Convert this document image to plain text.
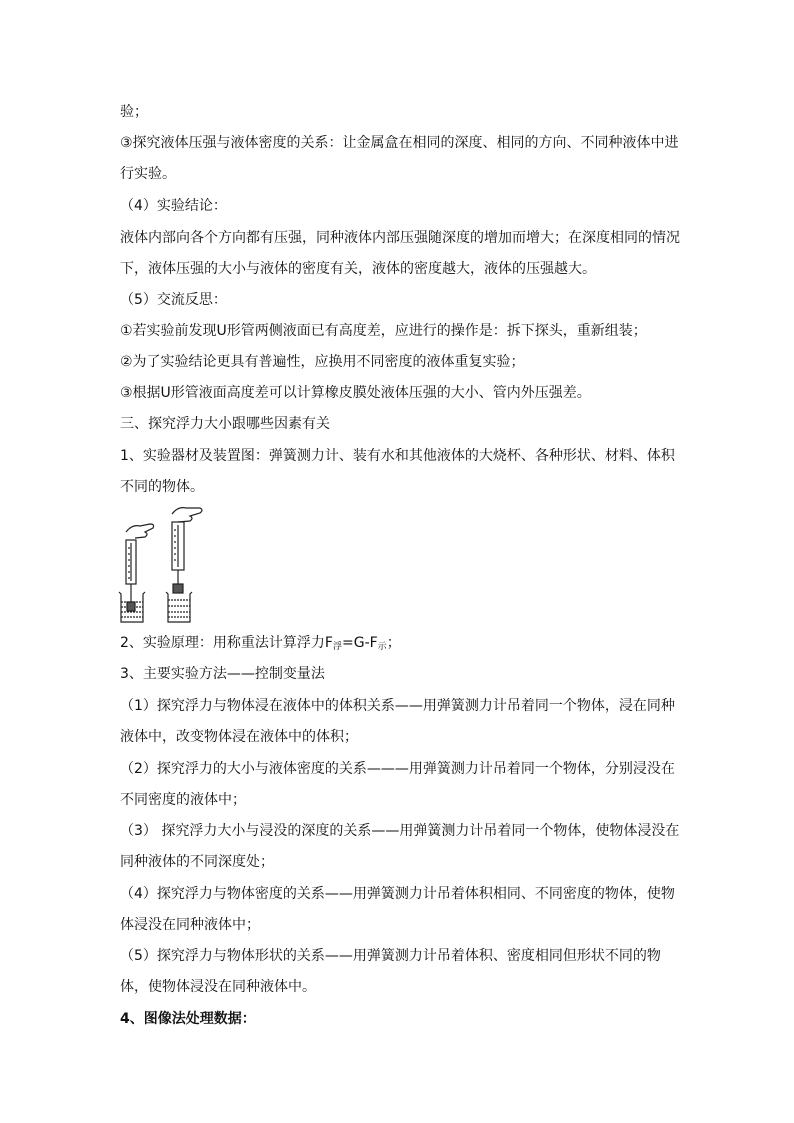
验；
③探究液体压强与液体密度的关系：让金属盒在相同的深度、相同的方向、不同种液体中进
行实验。
（4）实验结论：
液体内部向各个方向都有压强，同种液体内部压强随深度的增加而增大；在深度相同的情况
下，液体压强的大小与液体的密度有关，液体的密度越大，液体的压强越大。
（5）交流反思：
①若实验前发现U形管两侧液面已有高度差，应进行的操作是：拆下探头，重新组装；
②为了实验结论更具有普遍性，应换用不同密度的液体重复实验；
③根据U形管液面高度差可以计算橡皮膜处液体压强的大小、管内外压强差。
三、探究浮力大小跟哪些因素有关
1、实验器材及装置图：弹簧测力计、装有水和其他液体的大烧杯、各种形状、材料、体积
不同的物体。
2、实验原理：用称重法计算浮力$F_浮=G-F_示$；
3、主要实验方法——控制变量法
（1）探究浮力与物体浸在液体中的体积关系——用弹簧测力计吊着同一个物体，浸在同种
液体中，改变物体浸在液体中的体积；
（2）探究浮力的大小与液体密度的关系———用弹簧测力计吊着同一个物体，分别浸没在
不同密度的液体中；
（3） 探究浮力大小与浸没的深度的关系——用弹簧测力计吊着同一个物体，使物体浸没在
同种液体的不同深度处；
（4）探究浮力与物体密度的关系——用弹簧测力计吊着体积相同、不同密度的物体，使物
体浸没在同种液体中；
（5）探究浮力与物体形状的关系——用弹簧测力计吊着体积、密度相同但形状不同的物
体，使物体浸没在同种液体中。
4、图像法处理数据：
